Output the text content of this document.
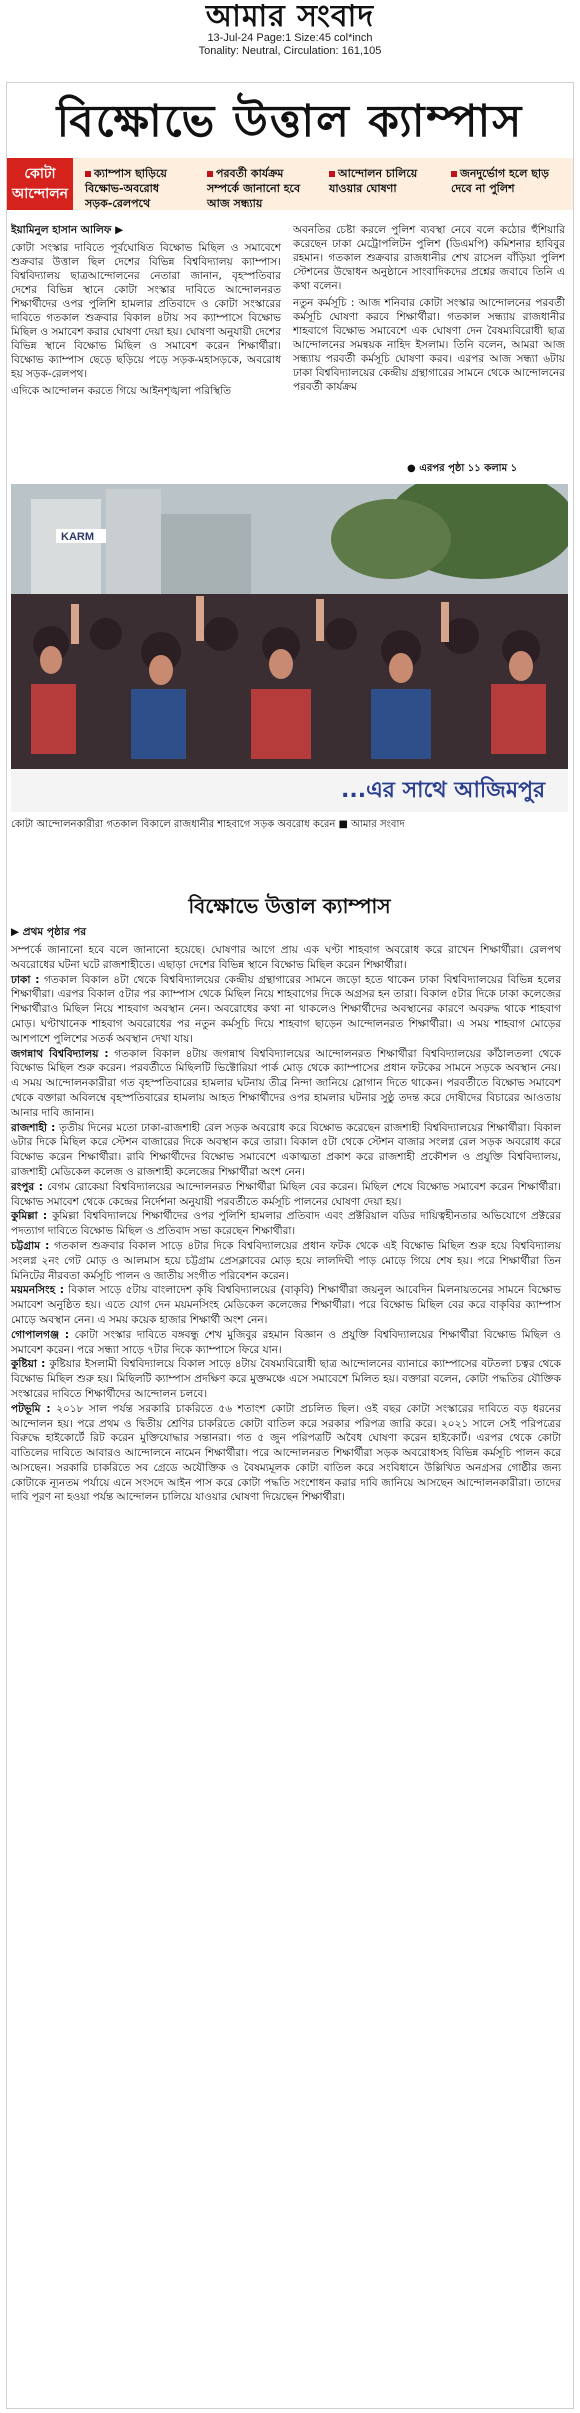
আমার সংবাদ
13-Jul-24 Page:1 Size:45 col*inch
Tonality: Neutral, Circulation: 161,105
বিক্ষোভে উত্তাল ক্যাম্পাস
কোটা আন্দোলন
ক্যাম্পাস ছাড়িয়ে বিক্ষোভ-অবরোধ সড়ক-রেলপথে
পরবর্তী কার্যক্রম সম্পর্কে জানানো হবে আজ সন্ধ্যায়
আন্দোলন চালিয়ে যাওয়ার ঘোষণা
জনদুর্ভোগ হলে ছাড় দেবে না পুলিশ
ইয়ামিনুল হাসান আলিফ ▶

কোটা সংস্কার দাবিতে পূর্বঘোষিত বিক্ষোভ মিছিল ও সমাবেশে শুক্রবার উত্তাল ছিল দেশের বিভিন্ন বিশ্ববিদ্যালয় ক্যাম্পাস। বিশ্ববিদ্যালয় ছাত্রআন্দোলনের নেতারা জানান, বৃহস্পতিবার দেশের বিভিন্ন স্থানে কোটা সংস্কার দাবিতে আন্দোলনরত শিক্ষার্থীদের ওপর পুলিশি হামলার প্রতিবাদে ও কোটা সংস্কারের দাবিতে গতকাল শুক্রবার বিকাল ৪টায় সব ক্যাম্পাসে বিক্ষোভ মিছিল ও সমাবেশ করার ঘোষণা দেয়া হয়। ঘোষণা অনুযায়ী দেশের বিভিন্ন স্থানে বিক্ষোভ মিছিল ও সমাবেশ করেন শিক্ষার্থীরা। বিক্ষোভ ক্যাম্পাস ছেড়ে ছড়িয়ে পড়ে সড়ক-মহাসড়কে, অবরোধ হয় সড়ক-রেলপথ।

এদিকে আন্দোলন করতে গিয়ে আইনশৃঙ্খলা পরিস্থিতি

অবনতির চেষ্টা করলে পুলিশ ব্যবস্থা নেবে বলে কঠোর হুঁশিয়ারি করেছেন ঢাকা মেট্রোপলিটন পুলিশ (ডিএমপি) কমিশনার হাবিবুর রহমান। গতকাল শুক্রবার রাজধানীর শেখ রাসেল বাঁড়িয়া পুলিশ স্টেশনের উদ্বোধন অনুষ্ঠানে সাংবাদিকদের প্রশ্নের জবাবে তিনি এ কথা বলেন।

নতুন কর্মসূচি : আজ শনিবার কোটা সংস্কার আন্দোলনের পরবর্তী কর্মসূচি ঘোষণা করবে শিক্ষার্থীরা। গতকাল সন্ধ্যায় রাজধানীর শাহবাগে বিক্ষোভ সমাবেশে এক ঘোষণা দেন বৈষম্যবিরোধী ছাত্র আন্দোলনের সমন্বয়ক নাহিদ ইসলাম। তিনি বলেন, আমরা আজ সন্ধ্যায় পরবর্তী কর্মসূচি ঘোষণা করব। এরপর আজ সন্ধ্যা ৬টায় ঢাকা বিশ্ববিদ্যালয়ের কেন্দ্রীয় গ্রন্থাগারের সামনে থেকে আন্দোলনের পরবর্তী কার্যক্রম

● এরপর পৃষ্ঠা ১১ কলাম ১
KARM
...এর সাথে আজিমপুর
কোটা আন্দোলনকারীরা গতকাল বিকালে রাজধানীর শাহবাগে সড়ক অবরোধ করেন ■ আমার সংবাদ
বিক্ষোভে উত্তাল ক্যাম্পাস
▶ প্রথম পৃষ্ঠার পর

সম্পর্কে জানানো হবে বলে জানানো হয়েছে। ঘোষণার আগে প্রায় এক ঘণ্টা শাহবাগ অবরোধ করে রাখেন শিক্ষার্থীরা। রেলপথ অবরোধের ঘটনা ঘটে রাজশাহীতে। এছাড়া দেশের বিভিন্ন স্থানে বিক্ষোভ মিছিল করেন শিক্ষার্থীরা।

ঢাকা : গতকাল বিকাল ৪টা থেকে বিশ্ববিদ্যালয়ের কেন্দ্রীয় গ্রন্থাগারের সামনে জড়ো হতে থাকেন ঢাকা বিশ্ববিদ্যালয়ের বিভিন্ন হলের শিক্ষার্থীরা। এরপর বিকাল ৫টার পর ক্যাম্পাস থেকে মিছিল নিয়ে শাহবাগের দিকে অগ্রসর হন তারা। বিকাল ৫টার দিকে ঢাকা কলেজের শিক্ষার্থীরাও মিছিল নিয়ে শাহবাগ অবস্থান নেন। অবরোধের কথা না থাকলেও শিক্ষার্থীদের অবস্থানের কারণে অবরুদ্ধ থাকে শাহবাগ মোড়। ঘণ্টাখানেক শাহবাগ অবরোধের পর নতুন কর্মসূচি দিয়ে শাহবাগ ছাড়েন আন্দোলনরত শিক্ষার্থীরা। এ সময় শাহবাগ মোড়ের আশপাশে পুলিশের সতর্ক অবস্থান দেখা যায়।

জগন্নাথ বিশ্ববিদ্যালয় : গতকাল বিকাল ৪টায় জগন্নাথ বিশ্ববিদ্যালয়ের আন্দোলনরত শিক্ষার্থীরা বিশ্ববিদ্যালয়ের কাঁঠালতলা থেকে বিক্ষোভ মিছিল শুরু করেন। পরবর্তীতে মিছিলটি ভিক্টোরিয়া পার্ক মোড় থেকে ক্যাম্পাসের প্রধান ফটকের সামনে সড়কে অবস্থান নেয়। এ সময় আন্দোলনকারীরা গত বৃহস্পতিবারের হামলার ঘটনায় তীব্র নিন্দা জানিয়ে স্লোগান দিতে থাকেন। পরবর্তীতে বিক্ষোভ সমাবেশ থেকে বক্তারা অবিলম্বে বৃহস্পতিবারের হামলায় আহত শিক্ষার্থীদের ওপর হামলার ঘটনার সুষ্ঠু তদন্ত করে দোষীদের বিচারের আওতায় আনার দাবি জানান।

রাজশাহী : তৃতীয় দিনের মতো ঢাকা-রাজশাহী রেল সড়ক অবরোধ করে বিক্ষোভ করেছেন রাজশাহী বিশ্ববিদ্যালয়ের শিক্ষার্থীরা। বিকাল ৬টার দিকে মিছিল করে স্টেশন বাজারের দিকে অবস্থান করে তারা। বিকাল ৫টা থেকে স্টেশন বাজার সংলগ্ন রেল সড়ক অবরোধ করে বিক্ষোভ করেন শিক্ষার্থীরা। রাবি শিক্ষার্থীদের বিক্ষোভ সমাবেশে একাত্মতা প্রকাশ করে রাজশাহী প্রকৌশল ও প্রযুক্তি বিশ্ববিদ্যালয়, রাজশাহী মেডিকেল কলেজ ও রাজশাহী কলেজের শিক্ষার্থীরা অংশ নেন।

রংপুর : বেগম রোকেয়া বিশ্ববিদ্যালয়ের আন্দোলনরত শিক্ষার্থীরা মিছিল বের করেন। মিছিল শেষে বিক্ষোভ সমাবেশ করেন শিক্ষার্থীরা। বিক্ষোভ সমাবেশ থেকে কেন্দ্রের নির্দেশনা অনুযায়ী পরবর্তীতে কর্মসূচি পালনের ঘোষণা দেয়া হয়।

কুমিল্লা : কুমিল্লা বিশ্ববিদ্যালয়ে শিক্ষার্থীদের ওপর পুলিশি হামলার প্রতিবাদ এবং প্রক্টরিয়াল বডির দায়িত্বহীনতার অভিযোগে প্রক্টরের পদত্যাগ দাবিতে বিক্ষোভ মিছিল ও প্রতিবাদ সভা করেছেন শিক্ষার্থীরা।

চট্টগ্রাম : গতকাল শুক্রবার বিকাল সাড়ে ৪টার দিকে বিশ্ববিদ্যালয়ের প্রধান ফটক থেকে এই বিক্ষোভ মিছিল শুরু হয়ে বিশ্ববিদ্যালয় সংলগ্ন ২নং গেট মোড় ও আলমাস হয়ে চট্টগ্রাম প্রেসক্লাবের মোড় হয়ে লালদিঘী পাড় মোড়ে গিয়ে শেষ হয়। পরে শিক্ষার্থীরা তিন মিনিটের নীরবতা কর্মসূচি পালন ও জাতীয় সংগীত পরিবেশন করেন।

ময়মনসিংহ : বিকাল সাড়ে ৫টায় বাংলাদেশ কৃষি বিশ্ববিদ্যালয়ের (বাকৃবি) শিক্ষার্থীরা জয়নুল আবেদিন মিলনায়তনের সামনে বিক্ষোভ সমাবেশ অনুষ্ঠিত হয়। এতে যোগ দেন ময়মনসিংহ মেডিকেল কলেজের শিক্ষার্থীরা। পরে বিক্ষোভ মিছিল বের করে বাকৃবির ক্যাম্পাস মোড়ে অবস্থান নেন। এ সময় কয়েক হাজার শিক্ষার্থী অংশ নেন।

গোপালগঞ্জ : কোটা সংস্কার দাবিতে বঙ্গবন্ধু শেখ মুজিবুর রহমান বিজ্ঞান ও প্রযুক্তি বিশ্ববিদ্যালয়ের শিক্ষার্থীরা বিক্ষোভ মিছিল ও সমাবেশ করেন। পরে সন্ধ্যা সাড়ে ৭টার দিকে ক্যাম্পাসে ফিরে যান।

কুষ্টিয়া : কুষ্টিয়ার ইসলামী বিশ্ববিদ্যালয়ে বিকাল সাড়ে ৪টায় বৈষম্যবিরোধী ছাত্র আন্দোলনের ব্যানারে ক্যাম্পাসের বটতলা চত্বর থেকে বিক্ষোভ মিছিল শুরু হয়। মিছিলটি ক্যাম্পাস প্রদক্ষিণ করে মুক্তমঞ্চে এসে সমাবেশে মিলিত হয়। বক্তারা বলেন, কোটা পদ্ধতির যৌক্তিক সংস্কারের দাবিতে শিক্ষার্থীদের আন্দোলন চলবে।

পটভূমি : ২০১৮ সাল পর্যন্ত সরকারি চাকরিতে ৫৬ শতাংশ কোটা প্রচলিত ছিল। ওই বছর কোটা সংস্কারের দাবিতে বড় ধরনের আন্দোলন হয়। পরে প্রথম ও দ্বিতীয় শ্রেণির চাকরিতে কোটা বাতিল করে সরকার পরিপত্র জারি করে। ২০২১ সালে সেই পরিপত্রের বিরুদ্ধে হাইকোর্টে রিট করেন মুক্তিযোদ্ধার সন্তানরা। গত ৫ জুন পরিপত্রটি অবৈধ ঘোষণা করেন হাইকোর্ট। এরপর থেকে কোটা বাতিলের দাবিতে আবারও আন্দোলনে নামেন শিক্ষার্থীরা। পরে আন্দোলনরত শিক্ষার্থীরা সড়ক অবরোধসহ বিভিন্ন কর্মসূচি পালন করে আসছেন। সরকারি চাকরিতে সব গ্রেডে অযৌক্তিক ও বৈষম্যমূলক কোটা বাতিল করে সংবিধানে উল্লিখিত অনগ্রসর গোষ্ঠীর জন্য কোটাকে ন্যূনতম পর্যায়ে এনে সংসদে আইন পাস করে কোটা পদ্ধতি সংশোধন করার দাবি জানিয়ে আসছেন আন্দোলনকারীরা। তাদের দাবি পূরণ না হওয়া পর্যন্ত আন্দোলন চালিয়ে যাওয়ার ঘোষণা দিয়েছেন শিক্ষার্থীরা।
